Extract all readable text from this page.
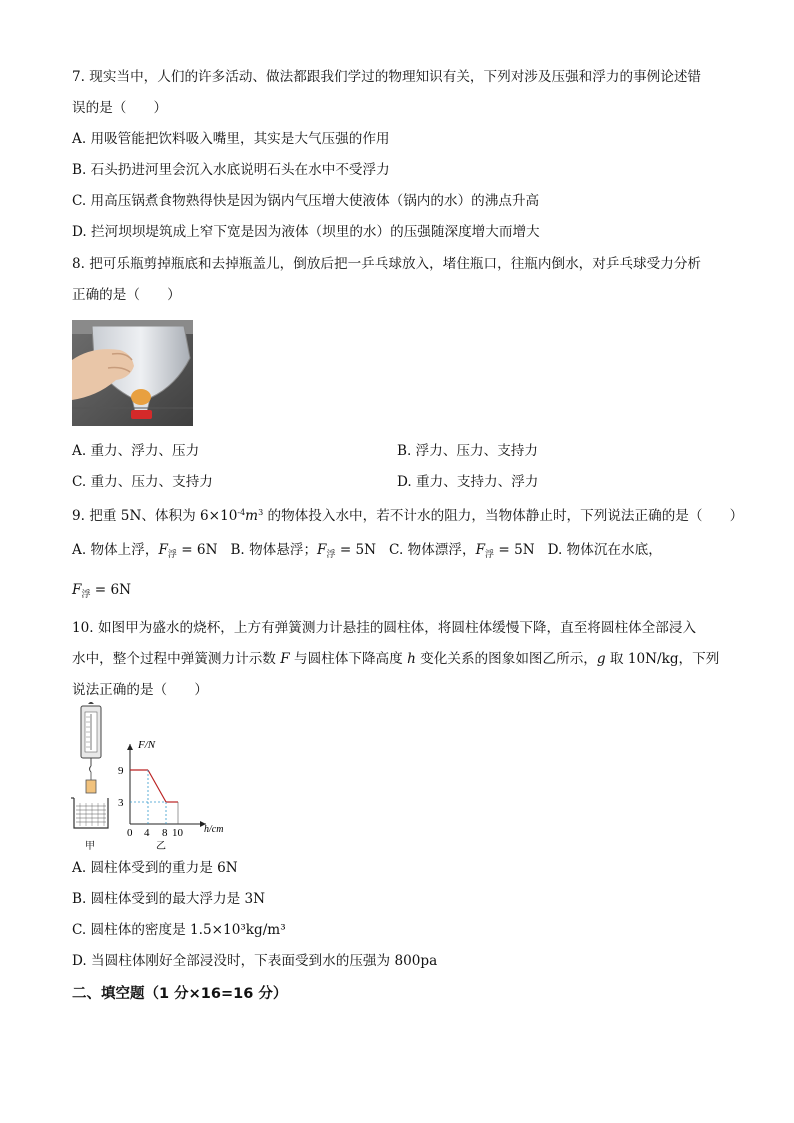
7. 现实当中，人们的许多活动、做法都跟我们学过的物理知识有关，下列对涉及压强和浮力的事例论述错
误的是（　　）
A. 用吸管能把饮料吸入嘴里，其实是大气压强的作用
B. 石头扔进河里会沉入水底说明石头在水中不受浮力
C. 用高压锅煮食物熟得快是因为锅内气压增大使液体（锅内的水）的沸点升高
D. 拦河坝坝堤筑成上窄下宽是因为液体（坝里的水）的压强随深度增大而增大
8. 把可乐瓶剪掉瓶底和去掉瓶盖儿，倒放后把一乒乓球放入，堵住瓶口，往瓶内倒水，对乒乓球受力分析
正确的是（　　）
A. 重力、浮力、压力	B. 浮力、压力、支持力
C. 重力、压力、支持力	D. 重力、支持力、浮力
9. 把重 5N、体积为 $6\times 10^{-4}m^3$ 的物体投入水中，若不计水的阻力，当物体静止时，下列说法正确的是（　　）
A. 物体上浮，$F_浮 = 6N$ B. 物体悬浮；$F_浮 = 5N$ C. 物体漂浮，$F_浮 = 5N$ D. 物体沉在水底，
$F_浮 = 6N$
10. 如图甲为盛水的烧杯，上方有弹簧测力计悬挂的圆柱体，将圆柱体缓慢下降，直至将圆柱体全部浸入
水中，整个过程中弹簧测力计示数 F 与圆柱体下降高度 h 变化关系的图象如图乙所示，g 取 10N/kg，下列
说法正确的是（　　）
甲
F/N
h/cm
9
3
0 4 8 10
乙
A. 圆柱体受到的重力是 6N
B. 圆柱体受到的最大浮力是 3N
C. 圆柱体的密度是 1.5×10³kg/m³
D. 当圆柱体刚好全部浸没时，下表面受到水的压强为 800pa
二、填空题（1 分×16=16 分）
